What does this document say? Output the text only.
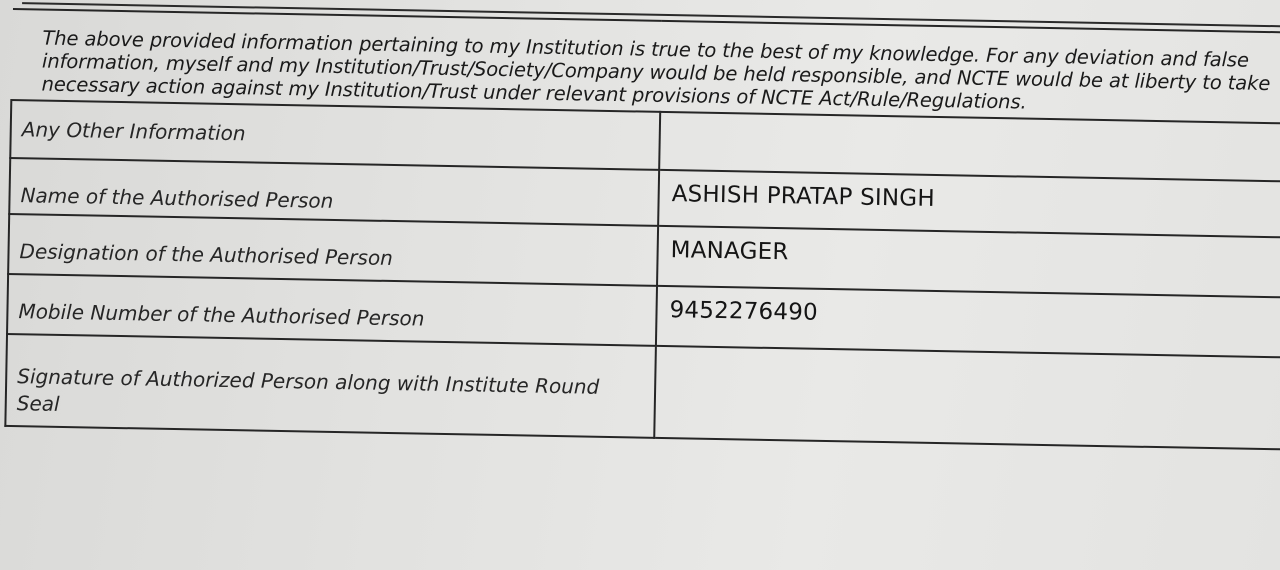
The above provided information pertaining to my Institution is true to the best of my knowledge. For any deviation and false information, myself and my Institution/Trust/Society/Company would be held responsible, and NCTE would be at liberty to take necessary action against my Institution/Trust under relevant provisions of NCTE Act/Rule/Regulations.	
Any Other Information	
Name of the Authorised Person	ASHISH PRATAP SINGH
Designation of the Authorised Person	MANAGER
Mobile Number of the Authorised Person	9452276490
Signature of Authorized Person along with Institute Round Seal	
